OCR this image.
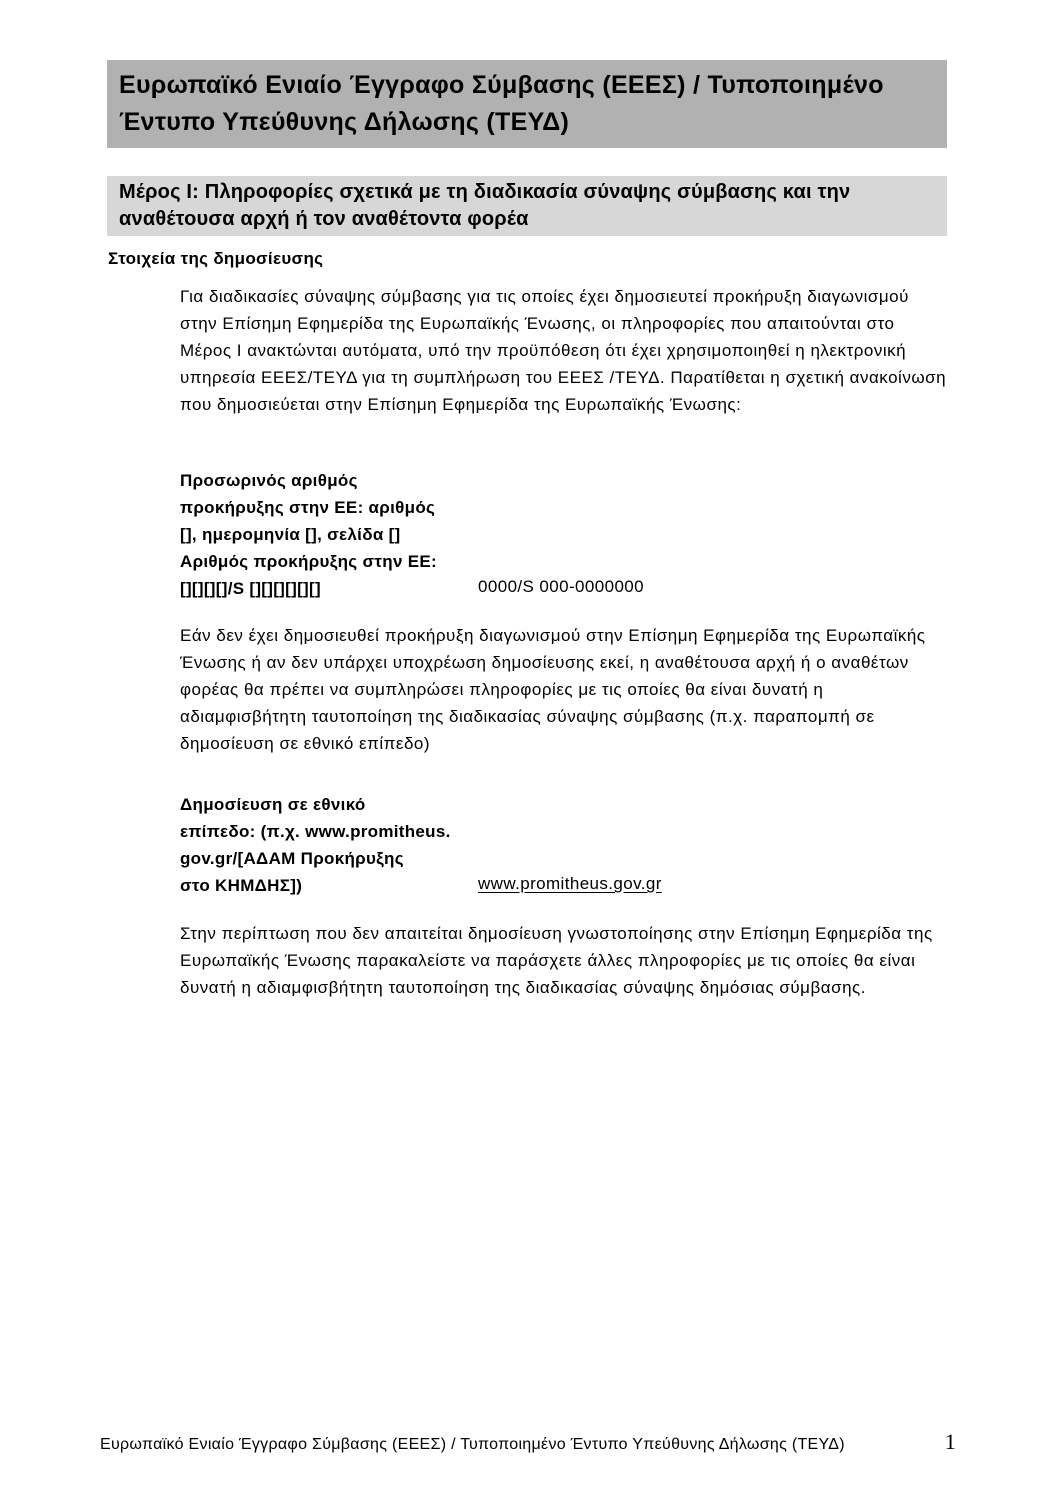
Ευρωπαϊκό Ενιαίο Έγγραφο Σύμβασης (ΕΕΕΣ) / Τυποποιημένο
Έντυπο Υπεύθυνης Δήλωσης (ΤΕΥΔ)
Μέρος Ι: Πληροφορίες σχετικά με τη διαδικασία σύναψης σύμβασης και την
αναθέτουσα αρχή ή τον αναθέτοντα φορέα
Στοιχεία της δημοσίευσης
Για διαδικασίες σύναψης σύμβασης για τις οποίες έχει δημοσιευτεί προκήρυξη διαγωνισμού στην Επίσημη Εφημερίδα της Ευρωπαϊκής Ένωσης, οι πληροφορίες που απαιτούνται στο Μέρος Ι ανακτώνται αυτόματα, υπό την προϋπόθεση ότι έχει χρησιμοποιηθεί η ηλεκτρονική υπηρεσία ΕΕΕΣ/ΤΕΥΔ για τη συμπλήρωση του ΕΕΕΣ /ΤΕΥΔ. Παρατίθεται η σχετική ανακοίνωση που δημοσιεύεται στην Επίσημη Εφημερίδα της Ευρωπαϊκής Ένωσης:
Προσωρινός αριθμός
προκήρυξης στην ΕΕ: αριθμός
[], ημερομηνία [], σελίδα []
Αριθμός προκήρυξης στην ΕΕ:
[][][][]/S [][][][][][]	0000/S 000-0000000
Εάν δεν έχει δημοσιευθεί προκήρυξη διαγωνισμού στην Επίσημη Εφημερίδα της Ευρωπαϊκής Ένωσης ή αν δεν υπάρχει υποχρέωση δημοσίευσης εκεί, η αναθέτουσα αρχή ή ο αναθέτων φορέας θα πρέπει να συμπληρώσει πληροφορίες με τις οποίες θα είναι δυνατή η αδιαμφισβήτητη ταυτοποίηση της διαδικασίας σύναψης σύμβασης (π.χ. παραπομπή σε δημοσίευση σε εθνικό επίπεδο)
Δημοσίευση σε εθνικό
επίπεδο: (π.χ. www.promitheus.
gov.gr/[ΑΔΑΜ Προκήρυξης
στο ΚΗΜΔΗΣ])	www.promitheus.gov.gr
Στην περίπτωση που δεν απαιτείται δημοσίευση γνωστοποίησης στην Επίσημη Εφημερίδα της Ευρωπαϊκής Ένωσης παρακαλείστε να παράσχετε άλλες πληροφορίες με τις οποίες θα είναι δυνατή η αδιαμφισβήτητη ταυτοποίηση της διαδικασίας σύναψης δημόσιας σύμβασης.
Ευρωπαϊκό Ενιαίο Έγγραφο Σύμβασης (ΕΕΕΣ) / Τυποποιημένο Έντυπο Υπεύθυνης Δήλωσης (ΤΕΥΔ)	1
